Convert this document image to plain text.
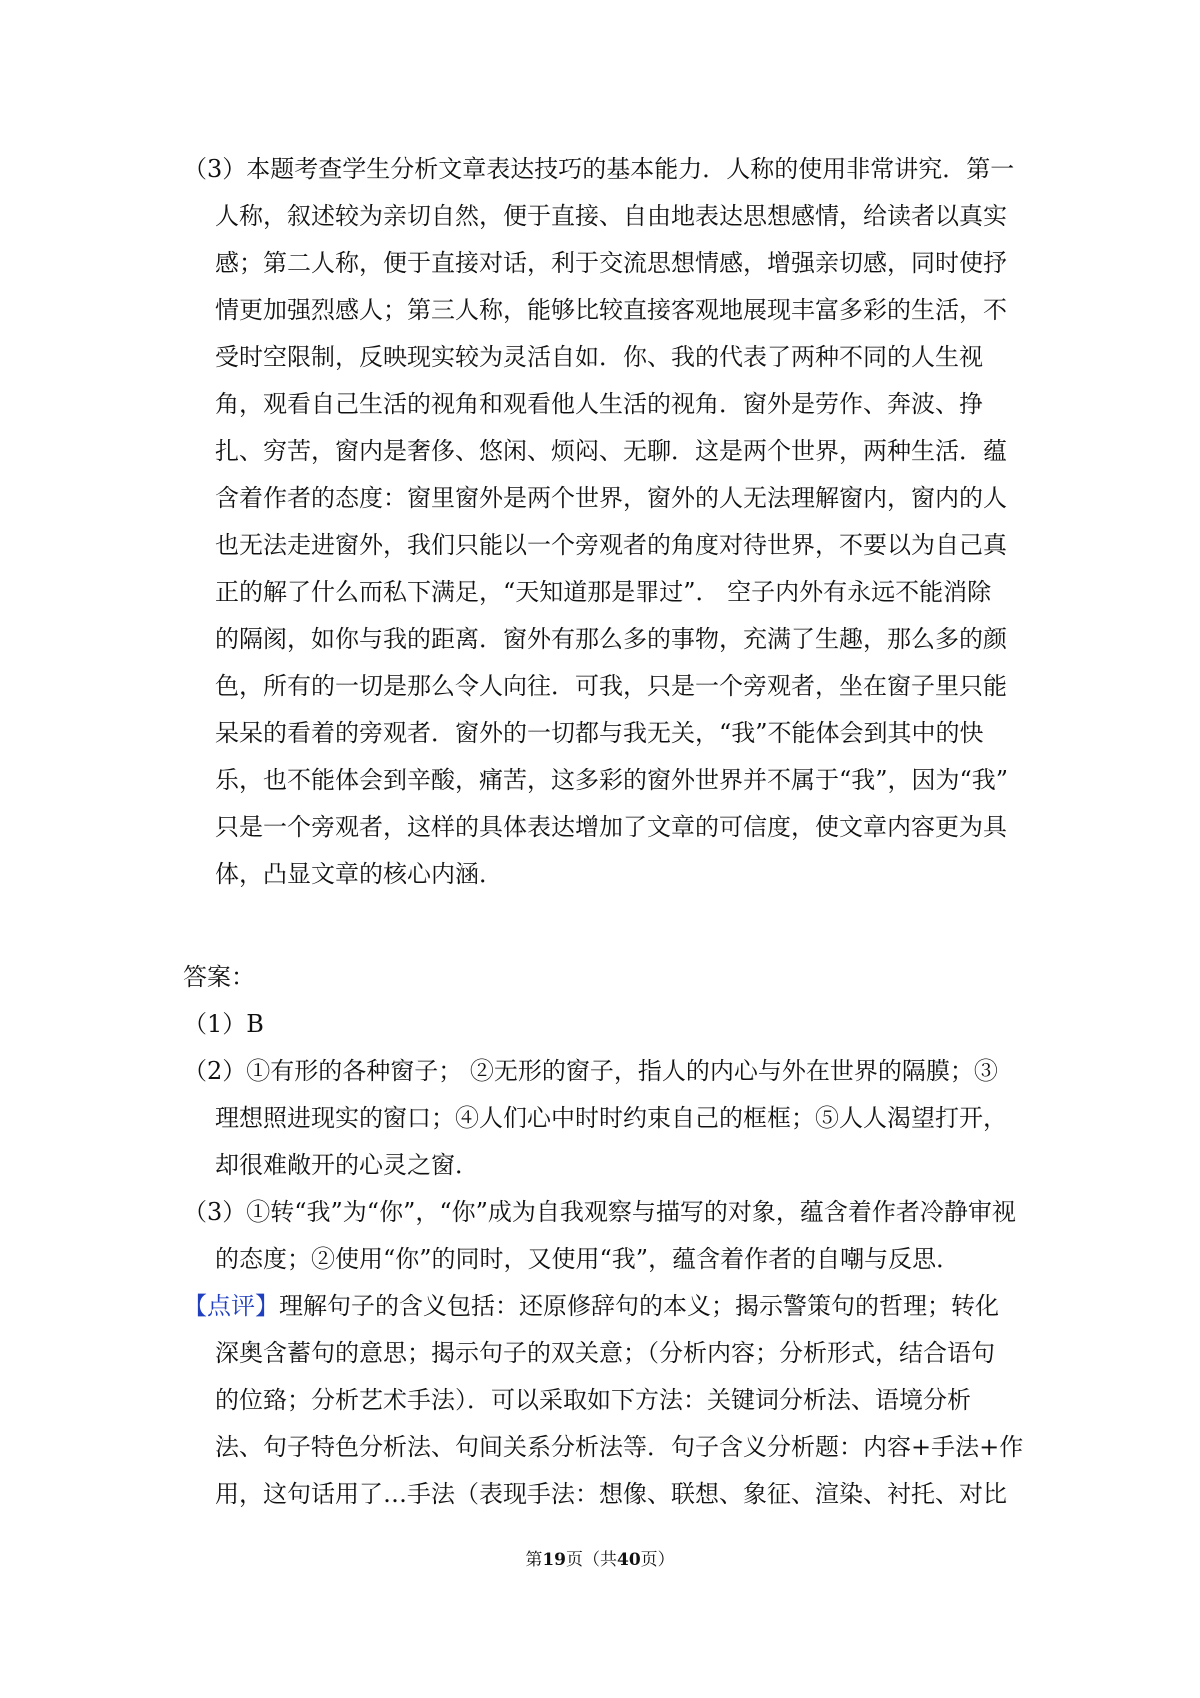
（3）本题考查学生分析文章表达技巧的基本能力．人称的使用非常讲究．第一
人称，叙述较为亲切自然，便于直接、自由地表达思想感情，给读者以真实
感；第二人称，便于直接对话，利于交流思想情感，增强亲切感，同时使抒
情更加强烈感人；第三人称，能够比较直接客观地展现丰富多彩的生活，不
受时空限制，反映现实较为灵活自如．你、我的代表了两种不同的人生视
角，观看自己生活的视角和观看他人生活的视角．窗外是劳作、奔波、挣
扎、穷苦，窗内是奢侈、悠闲、烦闷、无聊．这是两个世界，两种生活．蕴
含着作者的态度：窗里窗外是两个世界，窗外的人无法理解窗内，窗内的人
也无法走进窗外，我们只能以一个旁观者的角度对待世界，不要以为自己真
正的解了什么而私下满足，“天知道那是罪过”． 空子内外有永远不能消除
的隔阂，如你与我的距离．窗外有那么多的事物，充满了生趣，那么多的颜
色，所有的一切是那么令人向往．可我，只是一个旁观者，坐在窗子里只能
呆呆的看着的旁观者．窗外的一切都与我无关，“我”不能体会到其中的快
乐，也不能体会到辛酸，痛苦，这多彩的窗外世界并不属于“我”，因为“我”
只是一个旁观者，这样的具体表达增加了文章的可信度，使文章内容更为具
体，凸显文章的核心内涵．
答案：
（1）B
（2）①有形的各种窗子； ②无形的窗子，指人的内心与外在世界的隔膜；③
理想照进现实的窗口；④人们心中时时约束自己的框框；⑤人人渴望打开，
却很难敞开的心灵之窗．
（3）①转“我”为“你”，“你”成为自我观察与描写的对象，蕴含着作者冷静审视
的态度；②使用“你”的同时，又使用“我”，蕴含着作者的自嘲与反思．
【点评】理解句子的含义包括：还原修辞句的本义；揭示警策句的哲理；转化
深奥含蓄句的意思；揭示句子的双关意；（分析内容；分析形式，结合语句
的位臵；分析艺术手法）．可以采取如下方法：关键词分析法、语境分析
法、句子特色分析法、句间关系分析法等．句子含义分析题：内容+手法+作
用，这句话用了…手法（表现手法：想像、联想、象征、渲染、衬托、对比
第19页（共40页）
